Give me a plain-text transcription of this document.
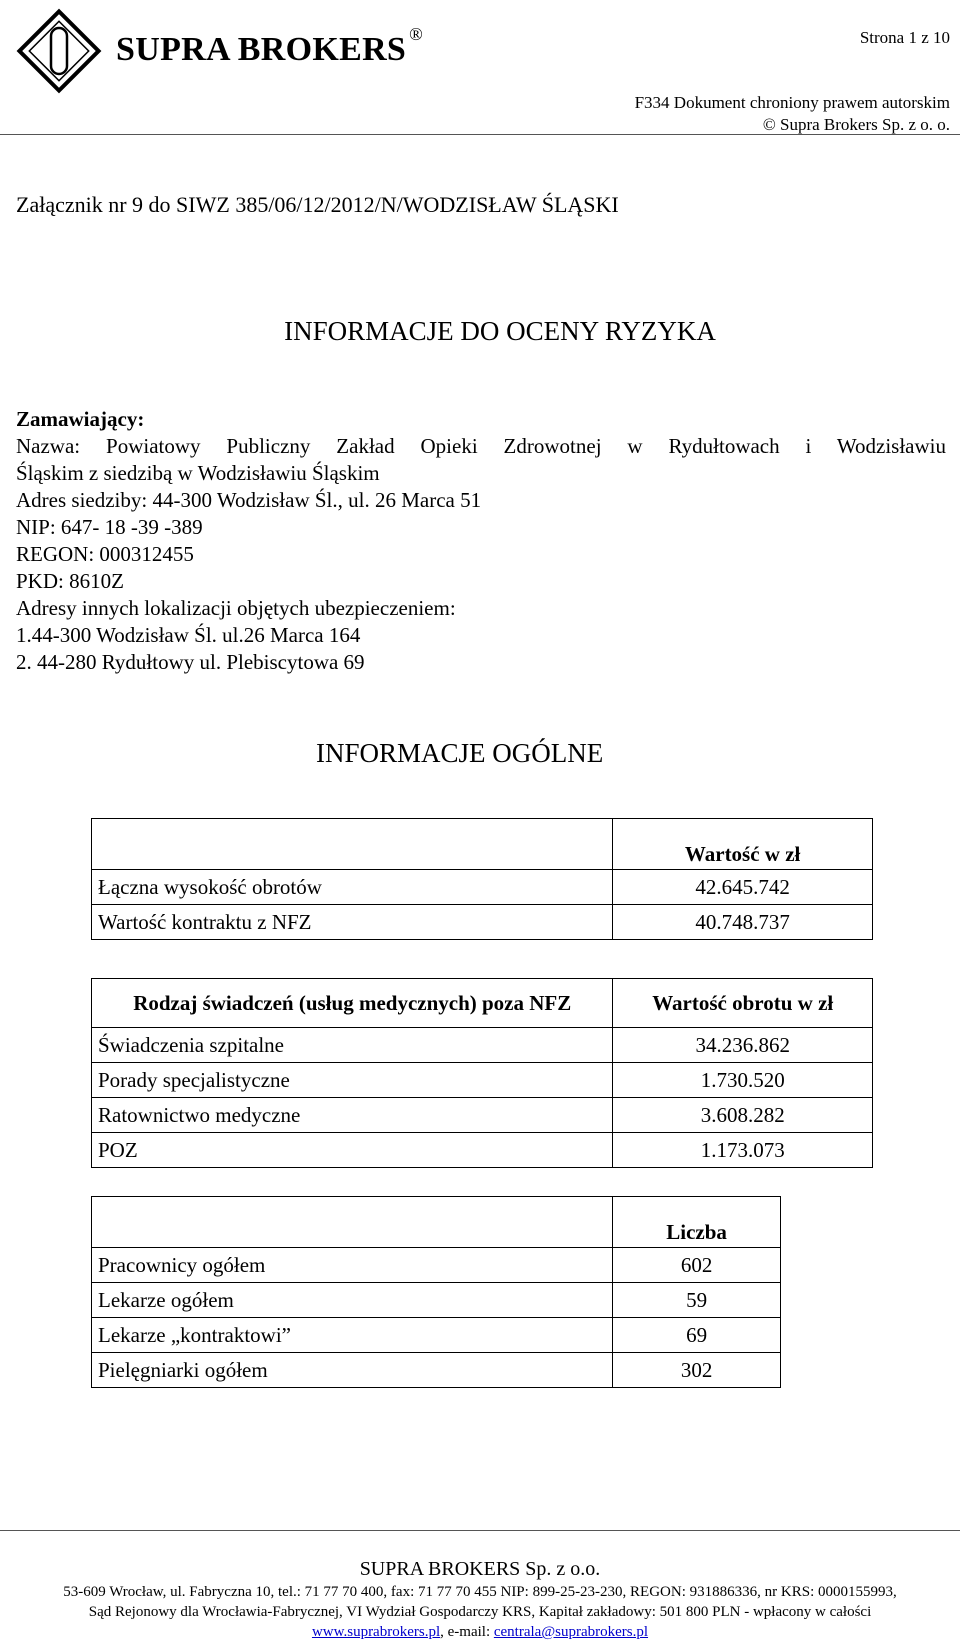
SUPRA BROKERS ®	Strona 1 z 10
F334 Dokument chroniony prawem autorskim
© Supra Brokers Sp. z o. o.
Załącznik nr 9 do SIWZ 385/06/12/2012/N/WODZISŁAW ŚLĄSKI
INFORMACJE DO OCENY RYZYKA
Zamawiający:
Nazwa: Powiatowy Publiczny Zakład Opieki Zdrowotnej w Rydułtowach i Wodzisławiu
Śląskim z siedzibą w Wodzisławiu Śląskim
Adres siedziby: 44-300 Wodzisław Śl., ul. 26 Marca 51
NIP: 647- 18 -39 -389
REGON: 000312455
PKD: 8610Z
Adresy innych lokalizacji objętych ubezpieczeniem:
1.44-300 Wodzisław Śl. ul.26 Marca 164
2. 44-280 Rydułtowy ul. Plebiscytowa 69
INFORMACJE OGÓLNE
	Wartość w zł
Łączna wysokość obrotów	42.645.742
Wartość kontraktu z NFZ	40.748.737
Rodzaj świadczeń (usług medycznych) poza NFZ	Wartość obrotu w zł
Świadczenia szpitalne	34.236.862
Porady specjalistyczne	1.730.520
Ratownictwo medyczne	3.608.282
POZ	1.173.073
	Liczba
Pracownicy ogółem	602
Lekarze ogółem	59
Lekarze „kontraktowi”	69
Pielęgniarki ogółem	302
SUPRA BROKERS Sp. z o.o.
53-609 Wrocław, ul. Fabryczna 10, tel.: 71 77 70 400, fax: 71 77 70 455 NIP: 899-25-23-230, REGON: 931886336, nr KRS: 0000155993,
Sąd Rejonowy dla Wrocławia-Fabrycznej, VI Wydział Gospodarczy KRS, Kapitał zakładowy: 501 800 PLN - wpłacony w całości
www.suprabrokers.pl, e-mail: centrala@suprabrokers.pl
